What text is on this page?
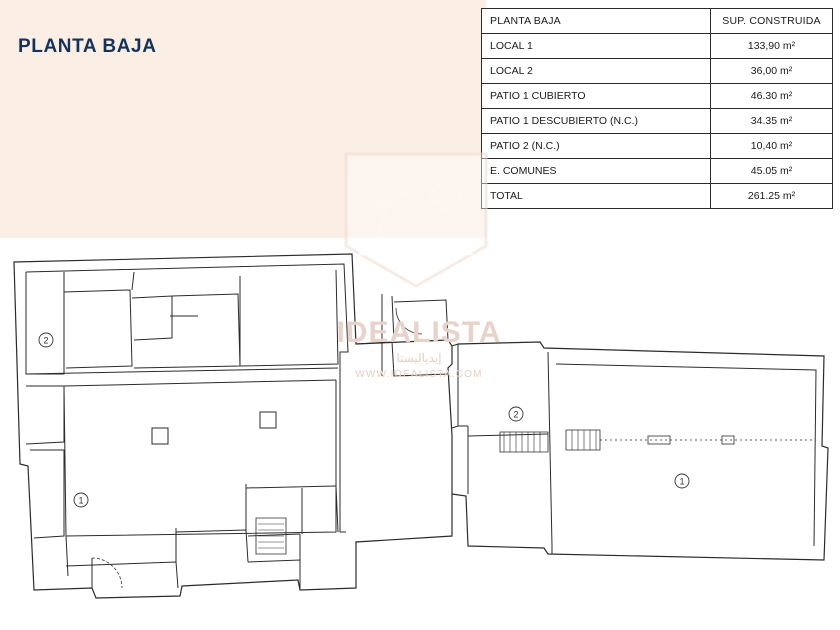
PLANTA BAJA
PLANTA BAJA	SUP. CONSTRUIDA
LOCAL 1	133,90 m²
LOCAL 2	36,00 m²
PATIO 1 CUBIERTO	46.30 m²
PATIO 1 DESCUBIERTO (N.C.)	34.35 m²
PATIO 2 (N.C.)	10,40 m²
E. COMUNES	45.05 m²
TOTAL	261.25 m²
2
1
2
1
IDEALISTA
إيدياليستا
WWW.IDEALISTA.COM
